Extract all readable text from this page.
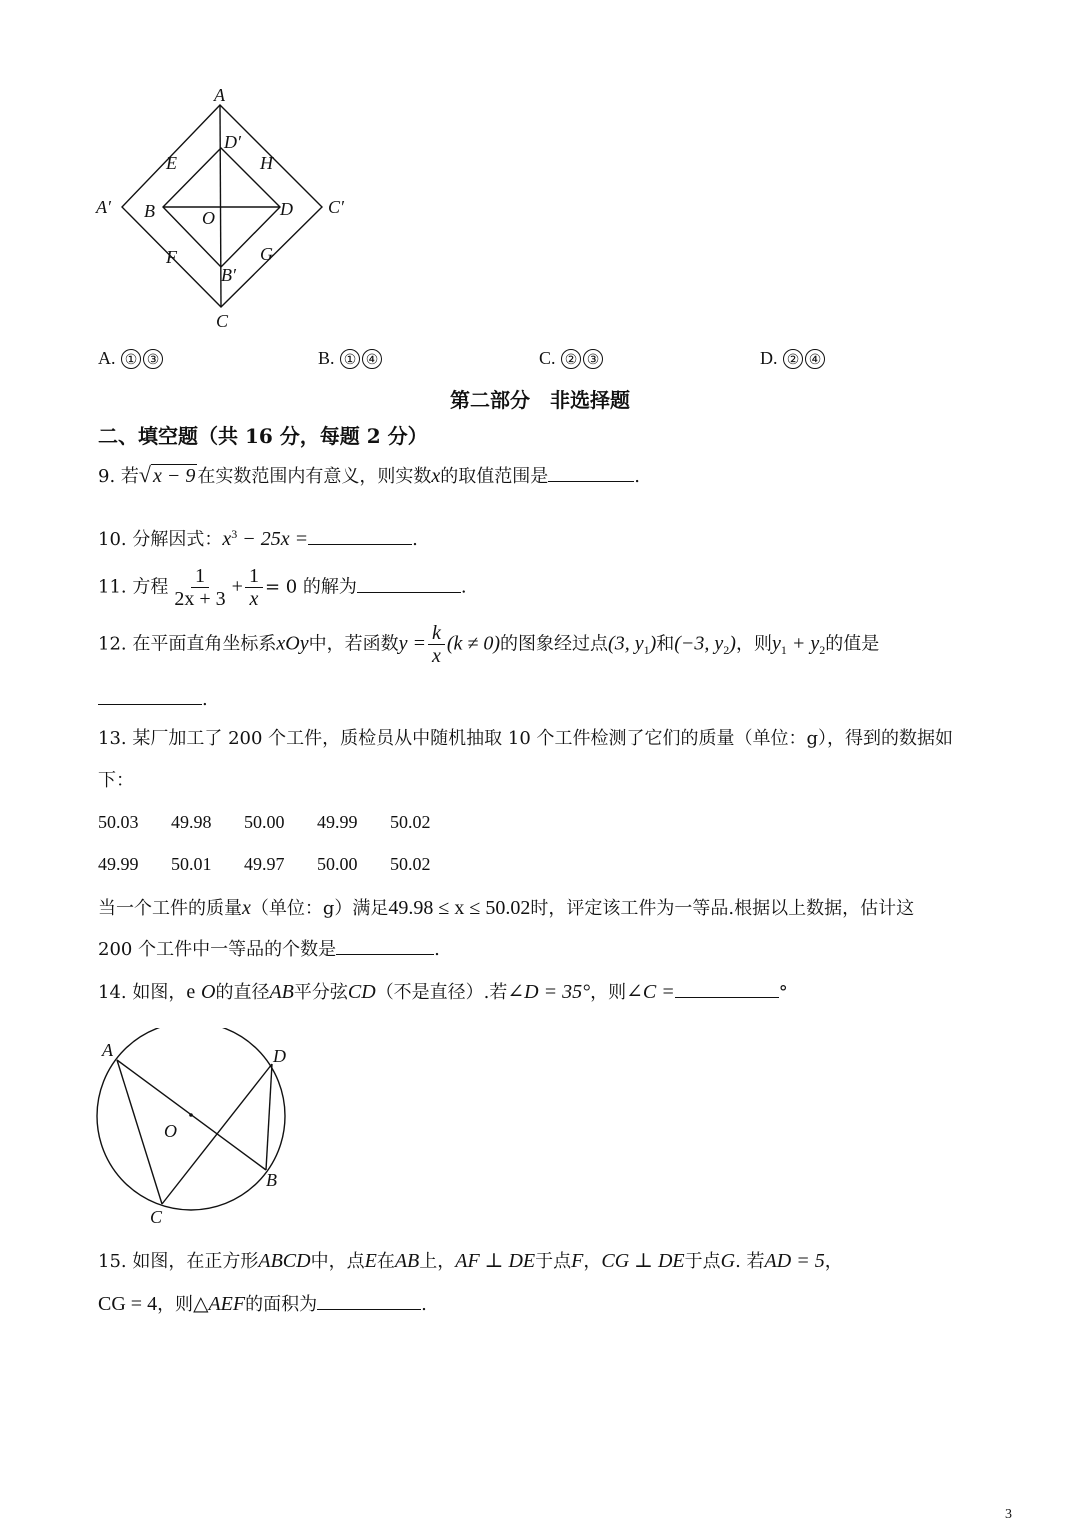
A
D′
E	H
A′ B	O	D C′
F	G
B′
C
A. ① ③	B. ① ④	C. ② ③	D. ② ④
第二部分　非选择题
二、填空题（共 16 分，每题 2 分）
9. 若√ x − 9 在实数范围内有意义，则实数x的取值范围是	.
10. 分解因式：$x^3 - 25x$ =	.
11. 方程 $\frac{1}{2x + 3} + \frac{1}{x} = 0$ 的解为	.
12. 在平面直角坐标系xOy中，若函数$y = \frac{k}{x} (k \ne 0)$的图象经过点(3, $y_1$)和(−3, $y_2$)，则$y_1 + y_2$的值是
.
13. 某厂加工了 200 个工件，质检员从中随机抽取 10 个工件检测了它们的质量（单位：g），得到的数据如
下：
50.03 49.98 50.00 49.99 50.02
49.99 50.01 49.97 50.00 50.02
当一个工件的质量x（单位：g）满足49.98 ≤ x ≤ 50.02时，评定该工件为一等品.根据以上数据，估计这
200 个工件中一等品的个数是	.
14. 如图，e O的直径AB平分弦CD（不是直径）.若∠D = 35°，则∠C =	°
A	D
O
B
C
15. 如图，在正方形ABCD中，点E在AB上，AF ⊥ DE于点F，CG ⊥ DE于点G. 若AD = 5，
CG = 4，则△AEF的面积为	.
3
